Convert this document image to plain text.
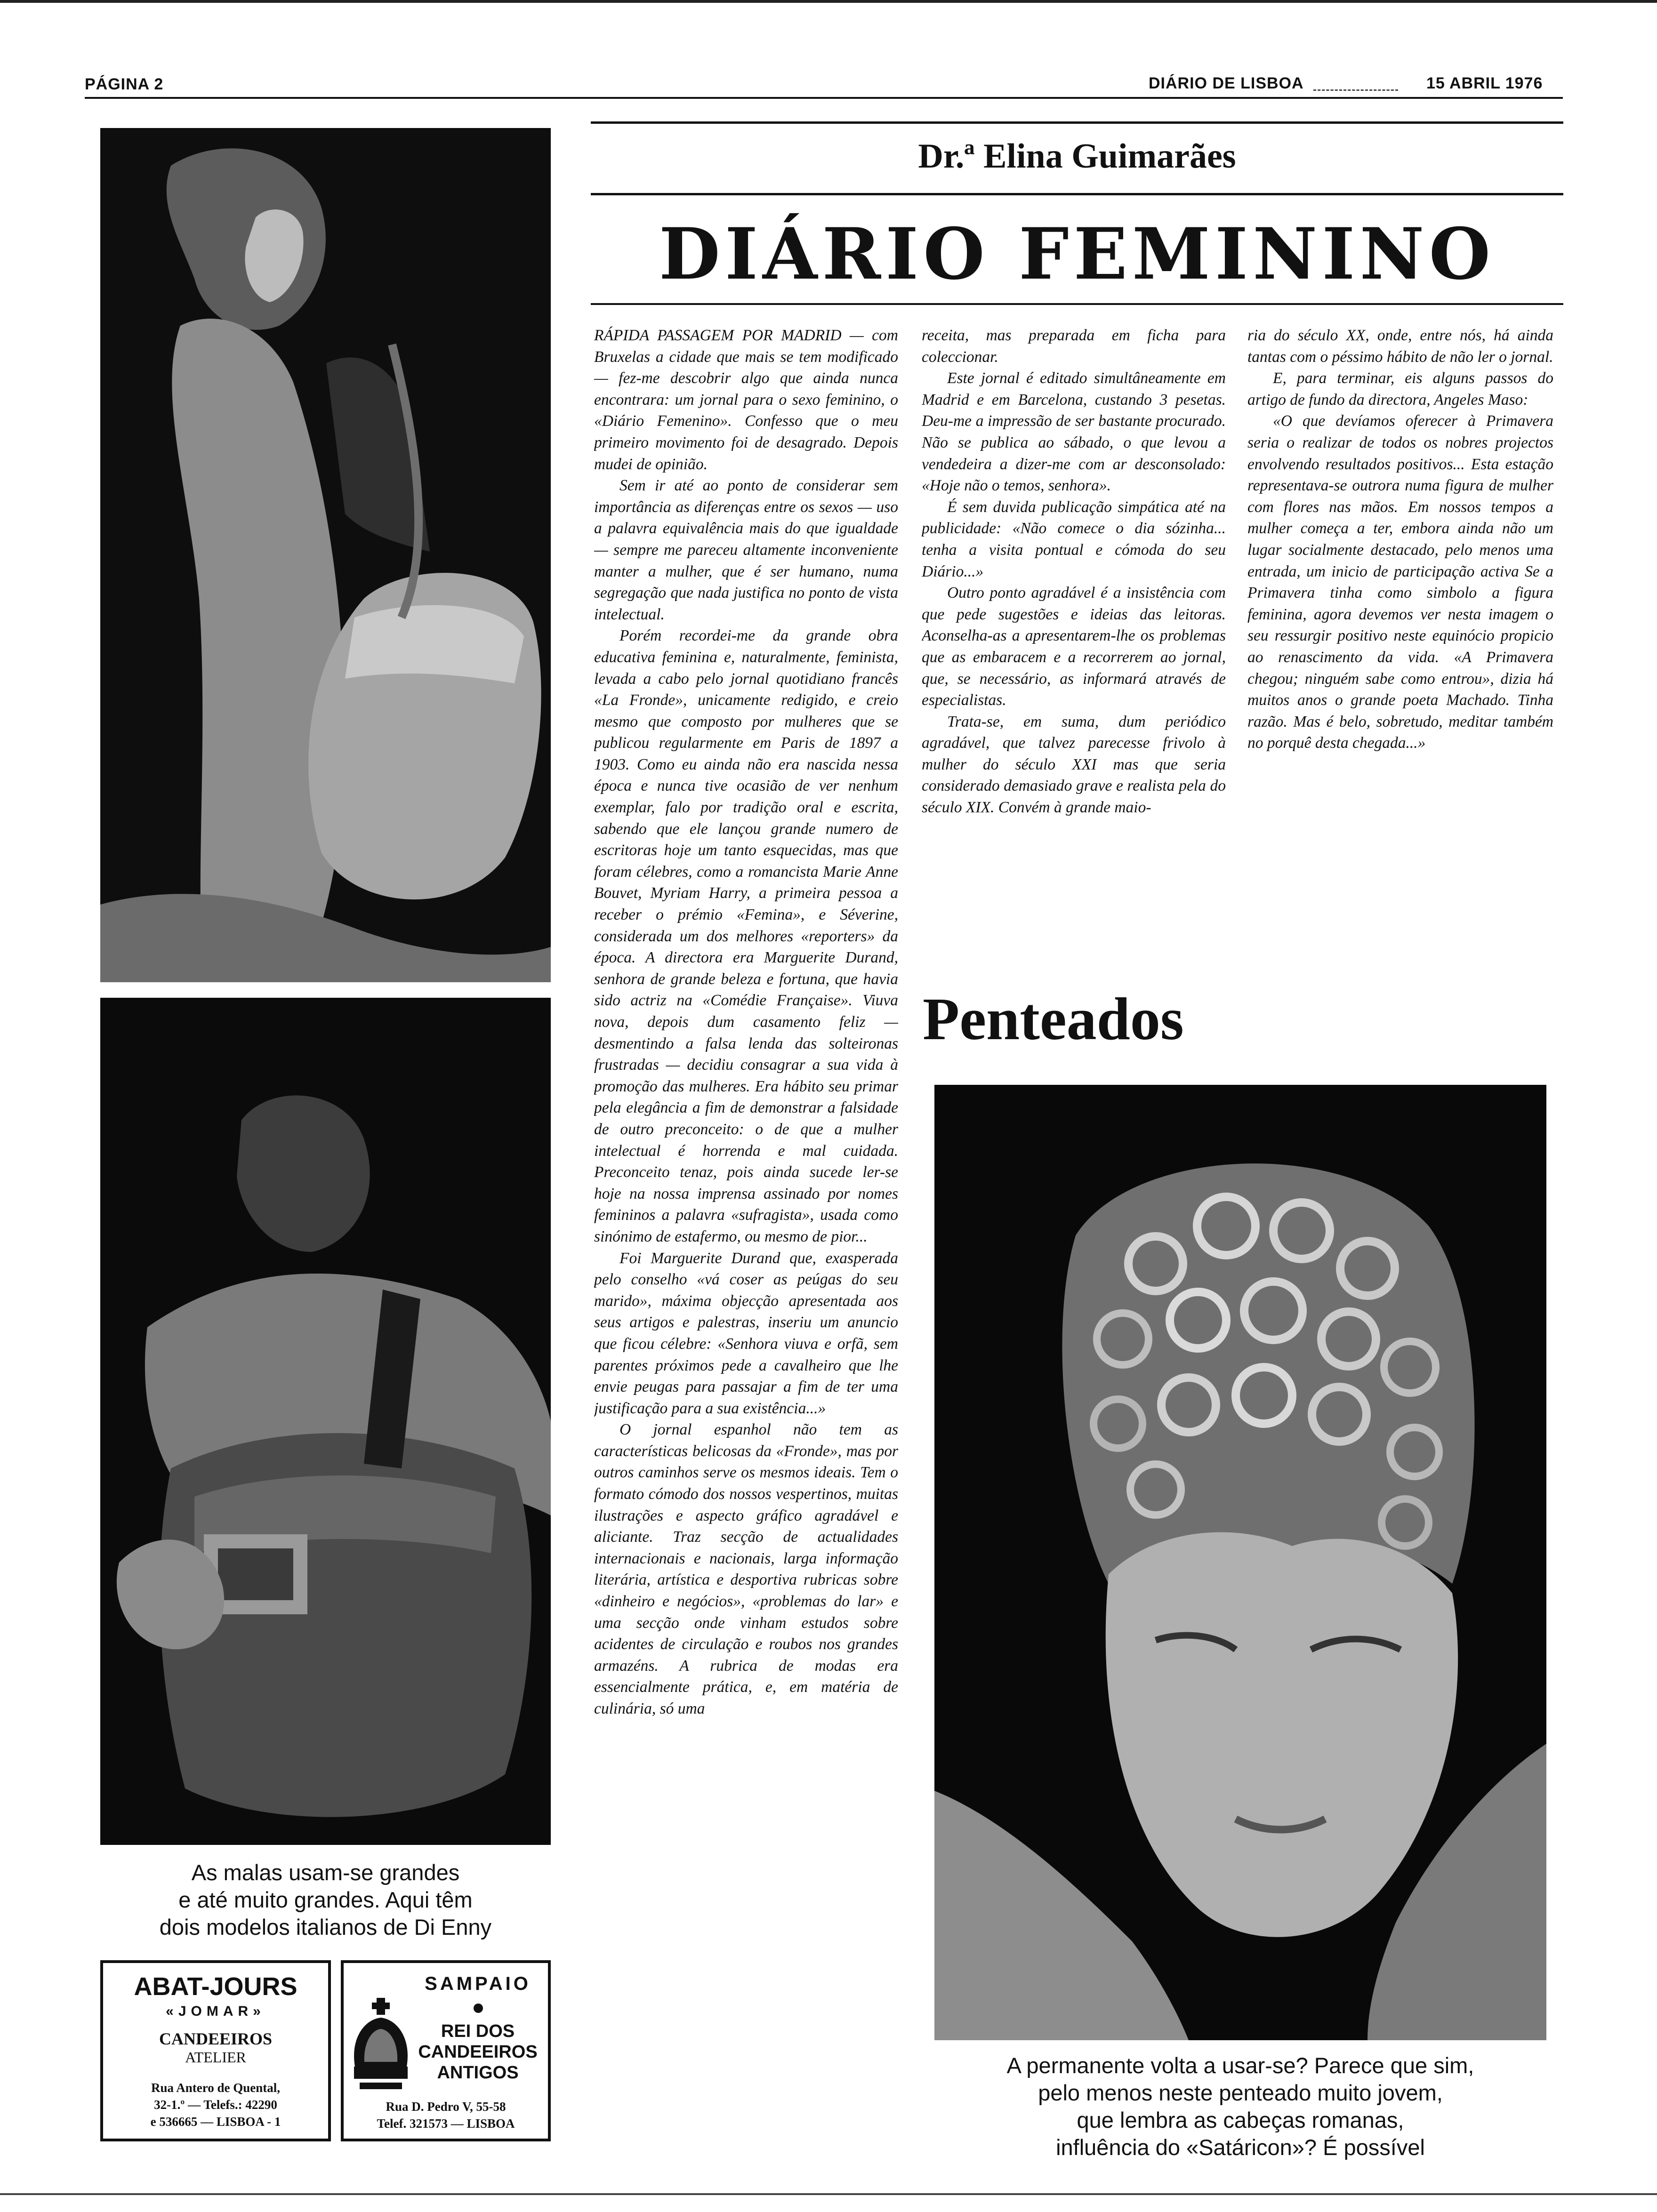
PÁGINA 2	DIÁRIO DE LISBOA	15 ABRIL 1976
As malas usam-se grandes
e até muito grandes. Aqui têm
dois modelos italianos de Di Enny
ABAT-JOURS
«JOMAR»
CANDEEIROS
ATELIER
Rua Antero de Quental,
32-1.º — Telefs.: 42290
e 536665 — LISBOA - 1
SAMPAIO
REI DOS
CANDEEIROS
ANTIGOS
Rua D. Pedro V, 55-58
Telef. 321573 — LISBOA
Dr.ª Elina Guimarães
DIÁRIO FEMININO

RÁPIDA PASSAGEM POR MADRID — com Bruxelas a cidade que mais se tem modificado — fez-me descobrir algo que ainda nunca encontrara: um jornal para o sexo feminino, o «Diário Femenino». Confesso que o meu primeiro movimento foi de desagrado. Depois mudei de opinião.

Sem ir até ao ponto de considerar sem importância as diferenças entre os sexos — uso a palavra equivalência mais do que igualdade — sempre me pareceu altamente inconveniente manter a mulher, que é ser humano, numa segregação que nada justifica no ponto de vista intelectual.

Porém recordei-me da grande obra educativa feminina e, naturalmente, feminista, levada a cabo pelo jornal quotidiano francês «La Fronde», unicamente redigido, e creio mesmo que composto por mulheres que se publicou regularmente em Paris de 1897 a 1903. Como eu ainda não era nascida nessa época e nunca tive ocasião de ver nenhum exemplar, falo por tradição oral e escrita, sabendo que ele lançou grande numero de escritoras hoje um tanto esquecidas, mas que foram célebres, como a romancista Marie Anne Bouvet, Myriam Harry, a primeira pessoa a receber o prémio «Femina», e Séverine, considerada um dos melhores «reporters» da época. A directora era Marguerite Durand, senhora de grande beleza e fortuna, que havia sido actriz na «Comédie Française». Viuva nova, depois dum casamento feliz — desmentindo a falsa lenda das solteironas frustradas — decidiu consagrar a sua vida à promoção das mulheres. Era hábito seu primar pela elegância a fim de demonstrar a falsidade de outro preconceito: o de que a mulher intelectual é horrenda e mal cuidada. Preconceito tenaz, pois ainda sucede ler-se hoje na nossa imprensa assinado por nomes femininos a palavra «sufragista», usada como sinónimo de estafermo, ou mesmo de pior...

Foi Marguerite Durand que, exasperada pelo conselho «vá coser as peúgas do seu marido», máxima objecção apresentada aos seus artigos e palestras, inseriu um anuncio que ficou célebre: «Senhora viuva e orfã, sem parentes próximos pede a cavalheiro que lhe envie peugas para passajar a fim de ter uma justificação para a sua existência...»

O jornal espanhol não tem as características belicosas da «Fronde», mas por outros caminhos serve os mesmos ideais. Tem o formato cómodo dos nossos vespertinos, muitas ilustrações e aspecto gráfico agradável e aliciante. Traz secção de actualidades internacionais e nacionais, larga informação literária, artística e desportiva rubricas sobre «dinheiro e negócios», «problemas do lar» e uma secção onde vinham estudos sobre acidentes de circulação e roubos nos grandes armazéns. A rubrica de modas era essencialmente prática, e, em matéria de culinária, só uma

receita, mas preparada em ficha para coleccionar.

Este jornal é editado simultâneamente em Madrid e em Barcelona, custando 3 pesetas. Deu-me a impressão de ser bastante procurado. Não se publica ao sábado, o que levou a vendedeira a dizer-me com ar desconsolado: «Hoje não o temos, senhora».

É sem duvida publicação simpática até na publicidade: «Não comece o dia sózinha... tenha a visita pontual e cómoda do seu Diário...»

Outro ponto agradável é a insistência com que pede sugestões e ideias das leitoras. Aconselha-as a apresentarem-lhe os problemas que as embaracem e a recorrerem ao jornal, que, se necessário, as informará através de especialistas.

Trata-se, em suma, dum periódico agradável, que talvez parecesse frivolo à mulher do século XXI mas que seria considerado demasiado grave e realista pela do século XIX. Convém à grande maio-

ria do século XX, onde, entre nós, há ainda tantas com o péssimo hábito de não ler o jornal.

E, para terminar, eis alguns passos do artigo de fundo da directora, Angeles Maso:

«O que devíamos oferecer à Primavera seria o realizar de todos os nobres projectos envolvendo resultados positivos... Esta estação representava-se outrora numa figura de mulher com flores nas mãos. Em nossos tempos a mulher começa a ter, embora ainda não um lugar socialmente destacado, pelo menos uma entrada, um inicio de participação activa Se a Primavera tinha como simbolo a figura feminina, agora devemos ver nesta imagem o seu ressurgir positivo neste equinócio propicio ao renascimento da vida. «A Primavera chegou; ninguém sabe como entrou», dizia há muitos anos o grande poeta Machado. Tinha razão. Mas é belo, sobretudo, meditar também no porquê desta chegada...»

Penteados
A permanente volta a usar-se? Parece que sim,
pelo menos neste penteado muito jovem,
que lembra as cabeças romanas,
influência do «Satáricon»? É possível
